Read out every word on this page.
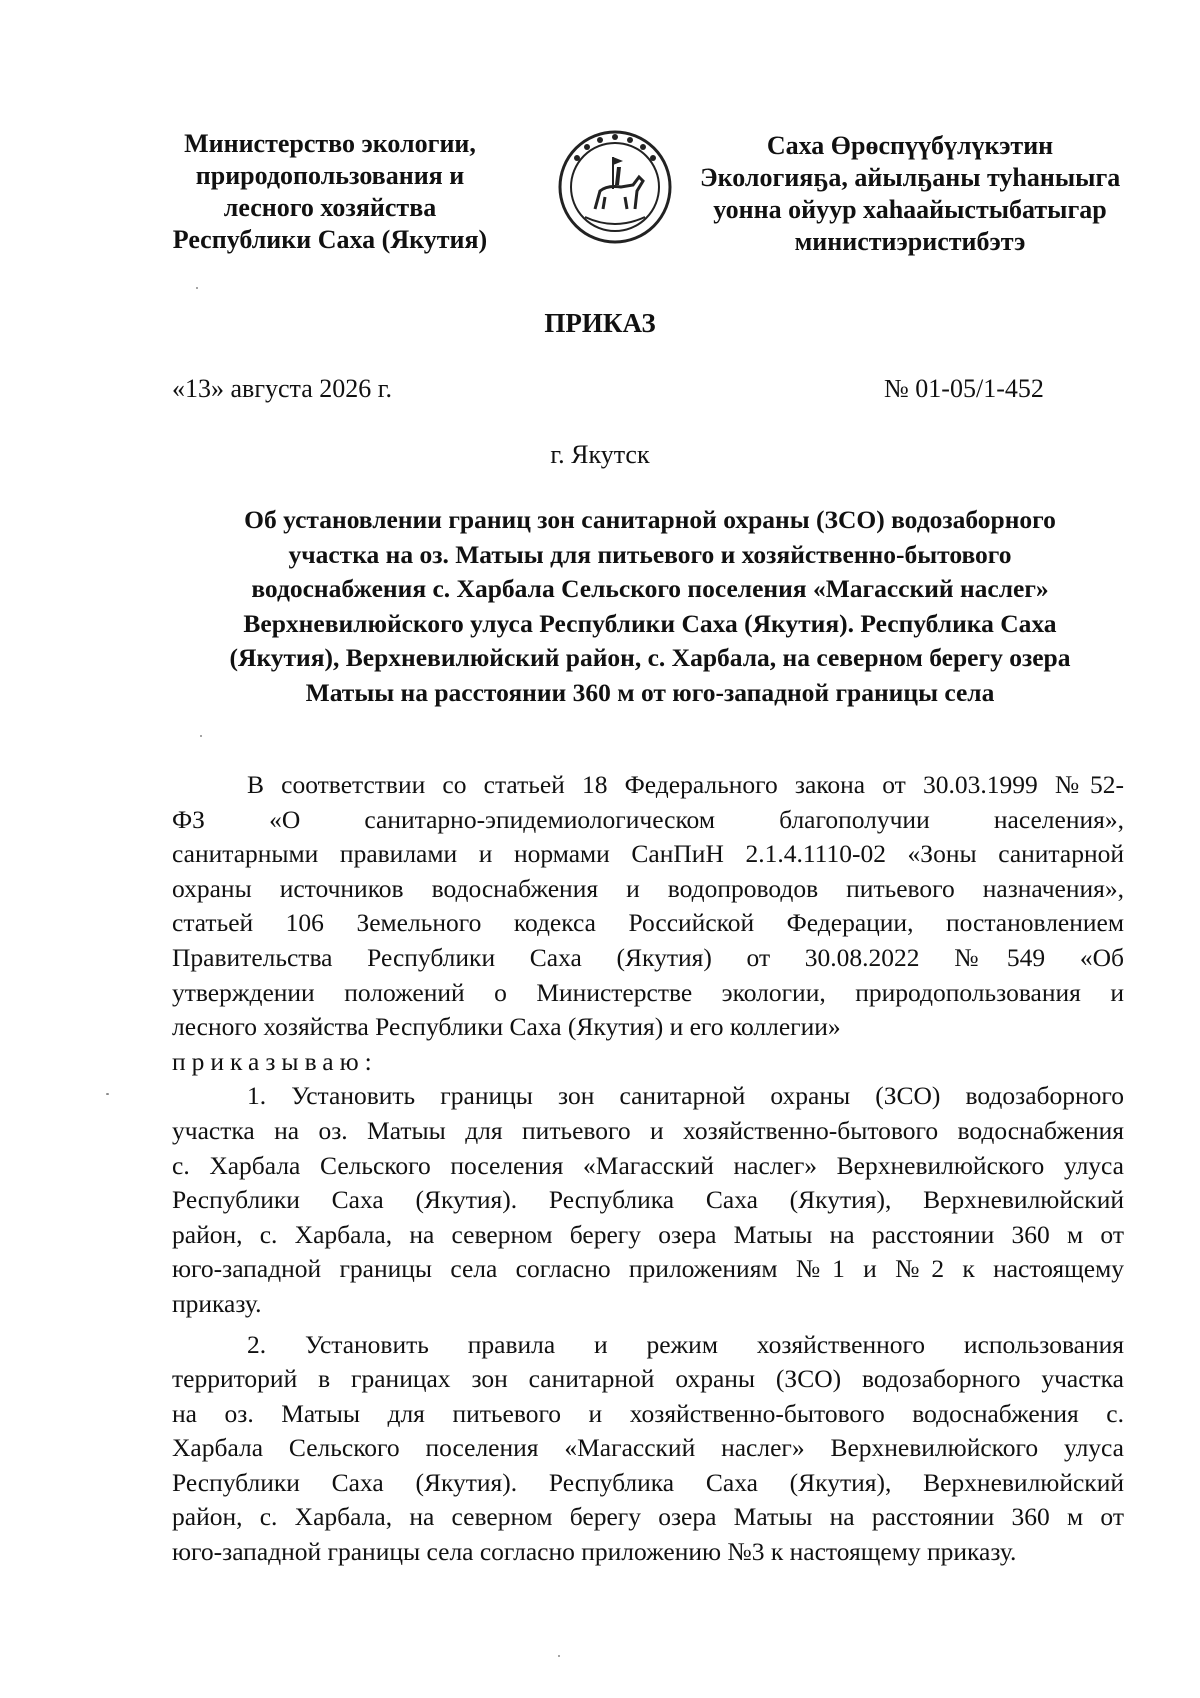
Министерство экологии,
природопользования и
лесного хозяйства
Республики Саха (Якутия)
Саха Өрөспүүбүлүкэтин
Экологияҕа, айылҕаны туһаныыга
уонна ойуур хаһаайыстыбатыгар
министиэристибэтэ
ПРИКАЗ
«13» августа 2026 г.	№ 01-05/1-452
г. Якутск
Об установлении границ зон санитарной охраны (ЗСО) водозаборного
участка на оз. Матыы для питьевого и хозяйственно-бытового
водоснабжения с. Харбала Сельского поселения «Магасский наслег»
Верхневилюйского улуса Республики Саха (Якутия). Республика Саха
(Якутия), Верхневилюйский район, с. Харбала, на северном берегу озера
Матыы на расстоянии 360 м от юго-западной границы села
В соответствии со статьей 18 Федерального закона от 30.03.1999 №52-
ФЗ «О санитарно-эпидемиологическом благополучии населения»,
санитарными правилами и нормами СанПиН 2.1.4.1110-02 «Зоны санитарной
охраны источников водоснабжения и водопроводов питьевого назначения»,
статьей 106 Земельного кодекса Российской Федерации, постановлением
Правительства Республики Саха (Якутия) от 30.08.2022 №549 «Об
утверждении положений о Министерстве экологии, природопользования и
лесного хозяйства Республики Саха (Якутия) и его коллегии»
приказываю:
1. Установить границы зон санитарной охраны (ЗСО) водозаборного
участка на оз. Матыы для питьевого и хозяйственно-бытового водоснабжения
с. Харбала Сельского поселения «Магасский наслег» Верхневилюйского улуса
Республики Саха (Якутия). Республика Саха (Якутия), Верхневилюйский
район, с. Харбала, на северном берегу озера Матыы на расстоянии 360 м от
юго-западной границы села согласно приложениям №1 и №2 к настоящему
приказу.
2. Установить правила и режим хозяйственного использования
территорий в границах зон санитарной охраны (ЗСО) водозаборного участка
на оз. Матыы для питьевого и хозяйственно-бытового водоснабжения с.
Харбала Сельского поселения «Магасский наслег» Верхневилюйского улуса
Республики Саха (Якутия). Республика Саха (Якутия), Верхневилюйский
район, с. Харбала, на северном берегу озера Матыы на расстоянии 360 м от
юго-западной границы села согласно приложению №3 к настоящему приказу.
